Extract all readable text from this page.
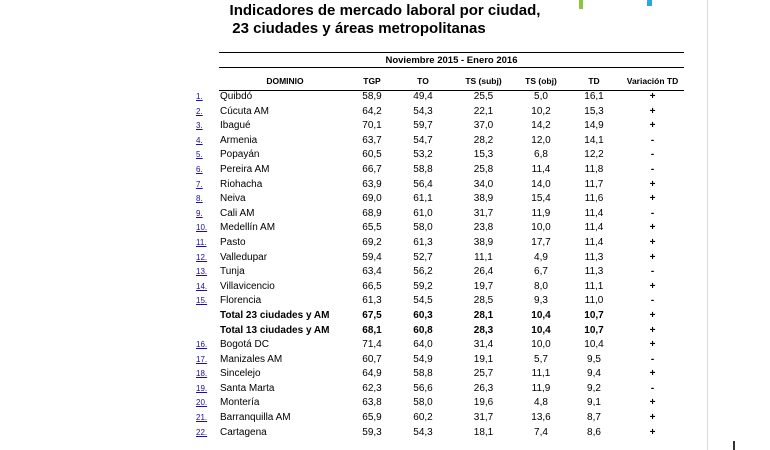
Indicadores de mercado laboral por ciudad,
23 ciudades y áreas metropolitanas
Noviembre 2015 - Enero 2016
	DOMINIO	TGP	TO	TS (subj)	TS (obj)	TD	Variación TD
1.	Quibdó	58,9	49,4	25,5	5,0	16,1	+
2.	Cúcuta AM	64,2	54,3	22,1	10,2	15,3	+
3.	Ibagué	70,1	59,7	37,0	14,2	14,9	+
4.	Armenia	63,7	54,7	28,2	12,0	14,1	-
5.	Popayán	60,5	53,2	15,3	6,8	12,2	-
6.	Pereira AM	66,7	58,8	25,8	11,4	11,8	-
7.	Riohacha	63,9	56,4	34,0	14,0	11,7	+
8.	Neiva	69,0	61,1	38,9	15,4	11,6	+
9.	Cali AM	68,9	61,0	31,7	11,9	11,4	-
10.	Medellín AM	65,5	58,0	23,8	10,0	11,4	+
11.	Pasto	69,2	61,3	38,9	17,7	11,4	+
12.	Valledupar	59,4	52,7	11,1	4,9	11,3	+
13.	Tunja	63,4	56,2	26,4	6,7	11,3	-
14.	Villavicencio	66,5	59,2	19,7	8,0	11,1	+
15.	Florencia	61,3	54,5	28,5	9,3	11,0	-
	Total 23 ciudades y AM	67,5	60,3	28,1	10,4	10,7	+
	Total 13 ciudades y AM	68,1	60,8	28,3	10,4	10,7	+
16.	Bogotá DC	71,4	64,0	31,4	10,0	10,4	+
17.	Manizales AM	60,7	54,9	19,1	5,7	9,5	-
18.	Sincelejo	64,9	58,8	25,7	11,1	9,4	+
19.	Santa Marta	62,3	56,6	26,3	11,9	9,2	-
20.	Montería	63,8	58,0	19,6	4,8	9,1	+
21.	Barranquilla AM	65,9	60,2	31,7	13,6	8,7	+
22.	Cartagena	59,3	54,3	18,1	7,4	8,6	+
